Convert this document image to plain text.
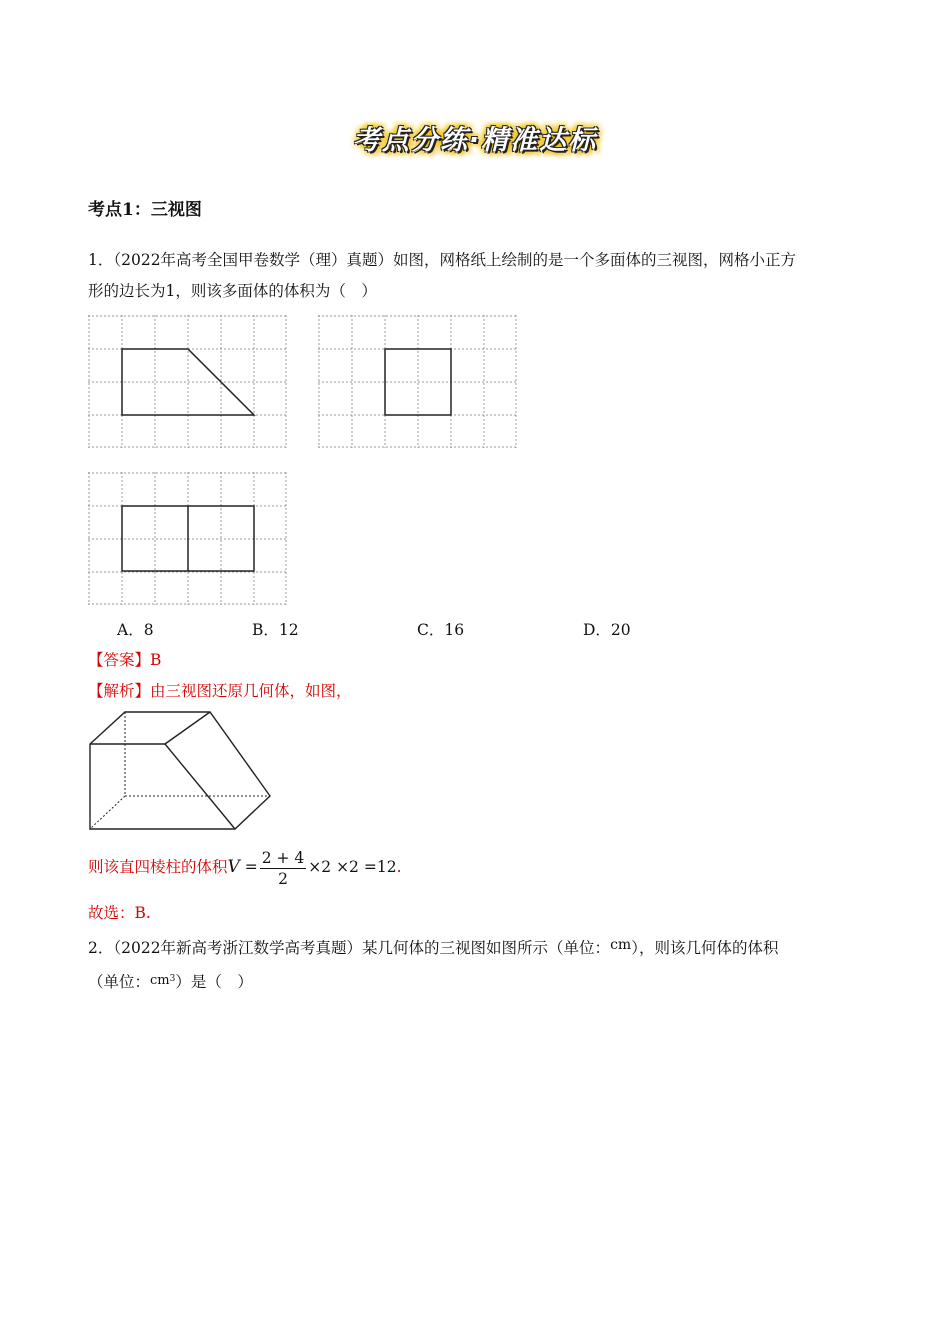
考点分练·精准达标
考点1：三视图
1．（2022年高考全国甲卷数学（理）真题）如图，网格纸上绘制的是一个多面体的三视图，网格小正方
形的边长为1，则该多面体的体积为（　）
A．8	B．12	C．16	D．20
【答案】B
【解析】由三视图还原几何体，如图，
则该直四棱柱的体积$V = \frac{2 + 4}{2} \times 2 \times 2 =12$.
故选：B.
2．（2022年新高考浙江数学高考真题）某几何体的三视图如图所示（单位：$^{cm}$），则该几何体的体积
（单位：$cm^3$）是（　）
